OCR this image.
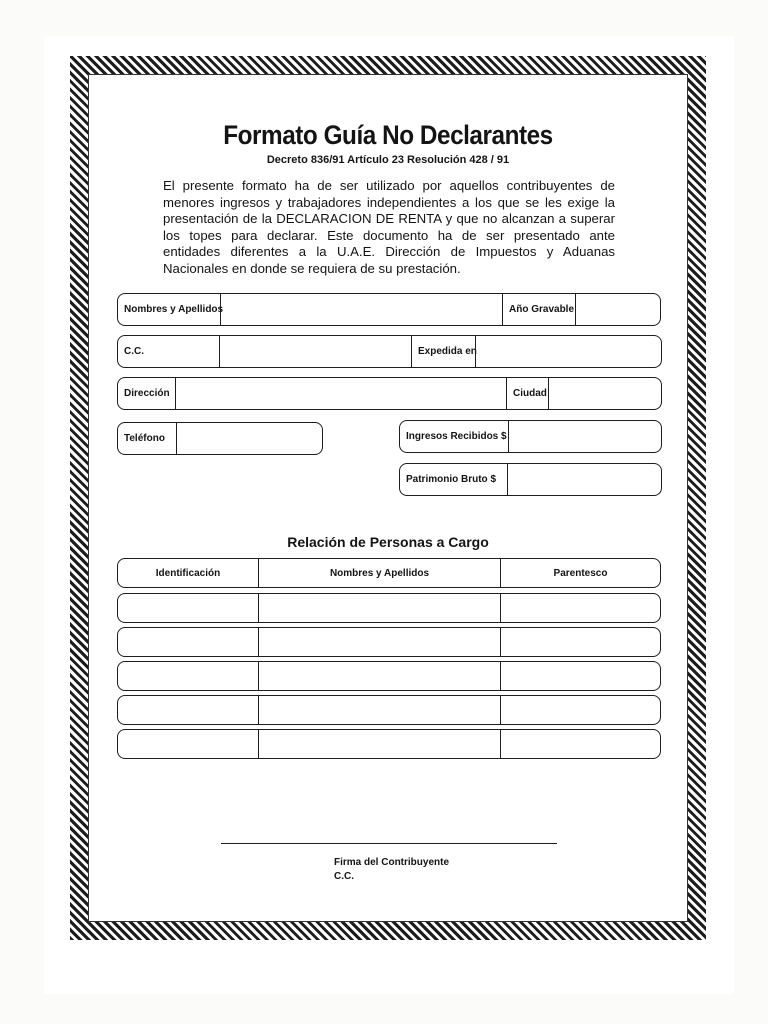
Formato Guía No Declarantes

Decreto 836/91 Artículo 23 Resolución 428 / 91

El presente formato ha de ser utilizado por aquellos contribuyentes de menores ingresos y trabajadores independientes a los que se les exige la presentación de la DECLARACION DE RENTA y que no alcanzan a superar los topes para declarar. Este documento ha de ser presentado ante entidades diferentes a la U.A.E. Dirección de Impuestos y Aduanas Nacionales en donde se requiera de su prestación.

Nombres y Apellidos	Año Gravable
C.C.	Expedida en
Dirección	Ciudad
Teléfono	Ingresos Recibidos $
Patrimonio Bruto $
Relación de Personas a Cargo
Identificación	Nombres y Apellidos	Parentesco
Firma del Contribuyente
C.C.
